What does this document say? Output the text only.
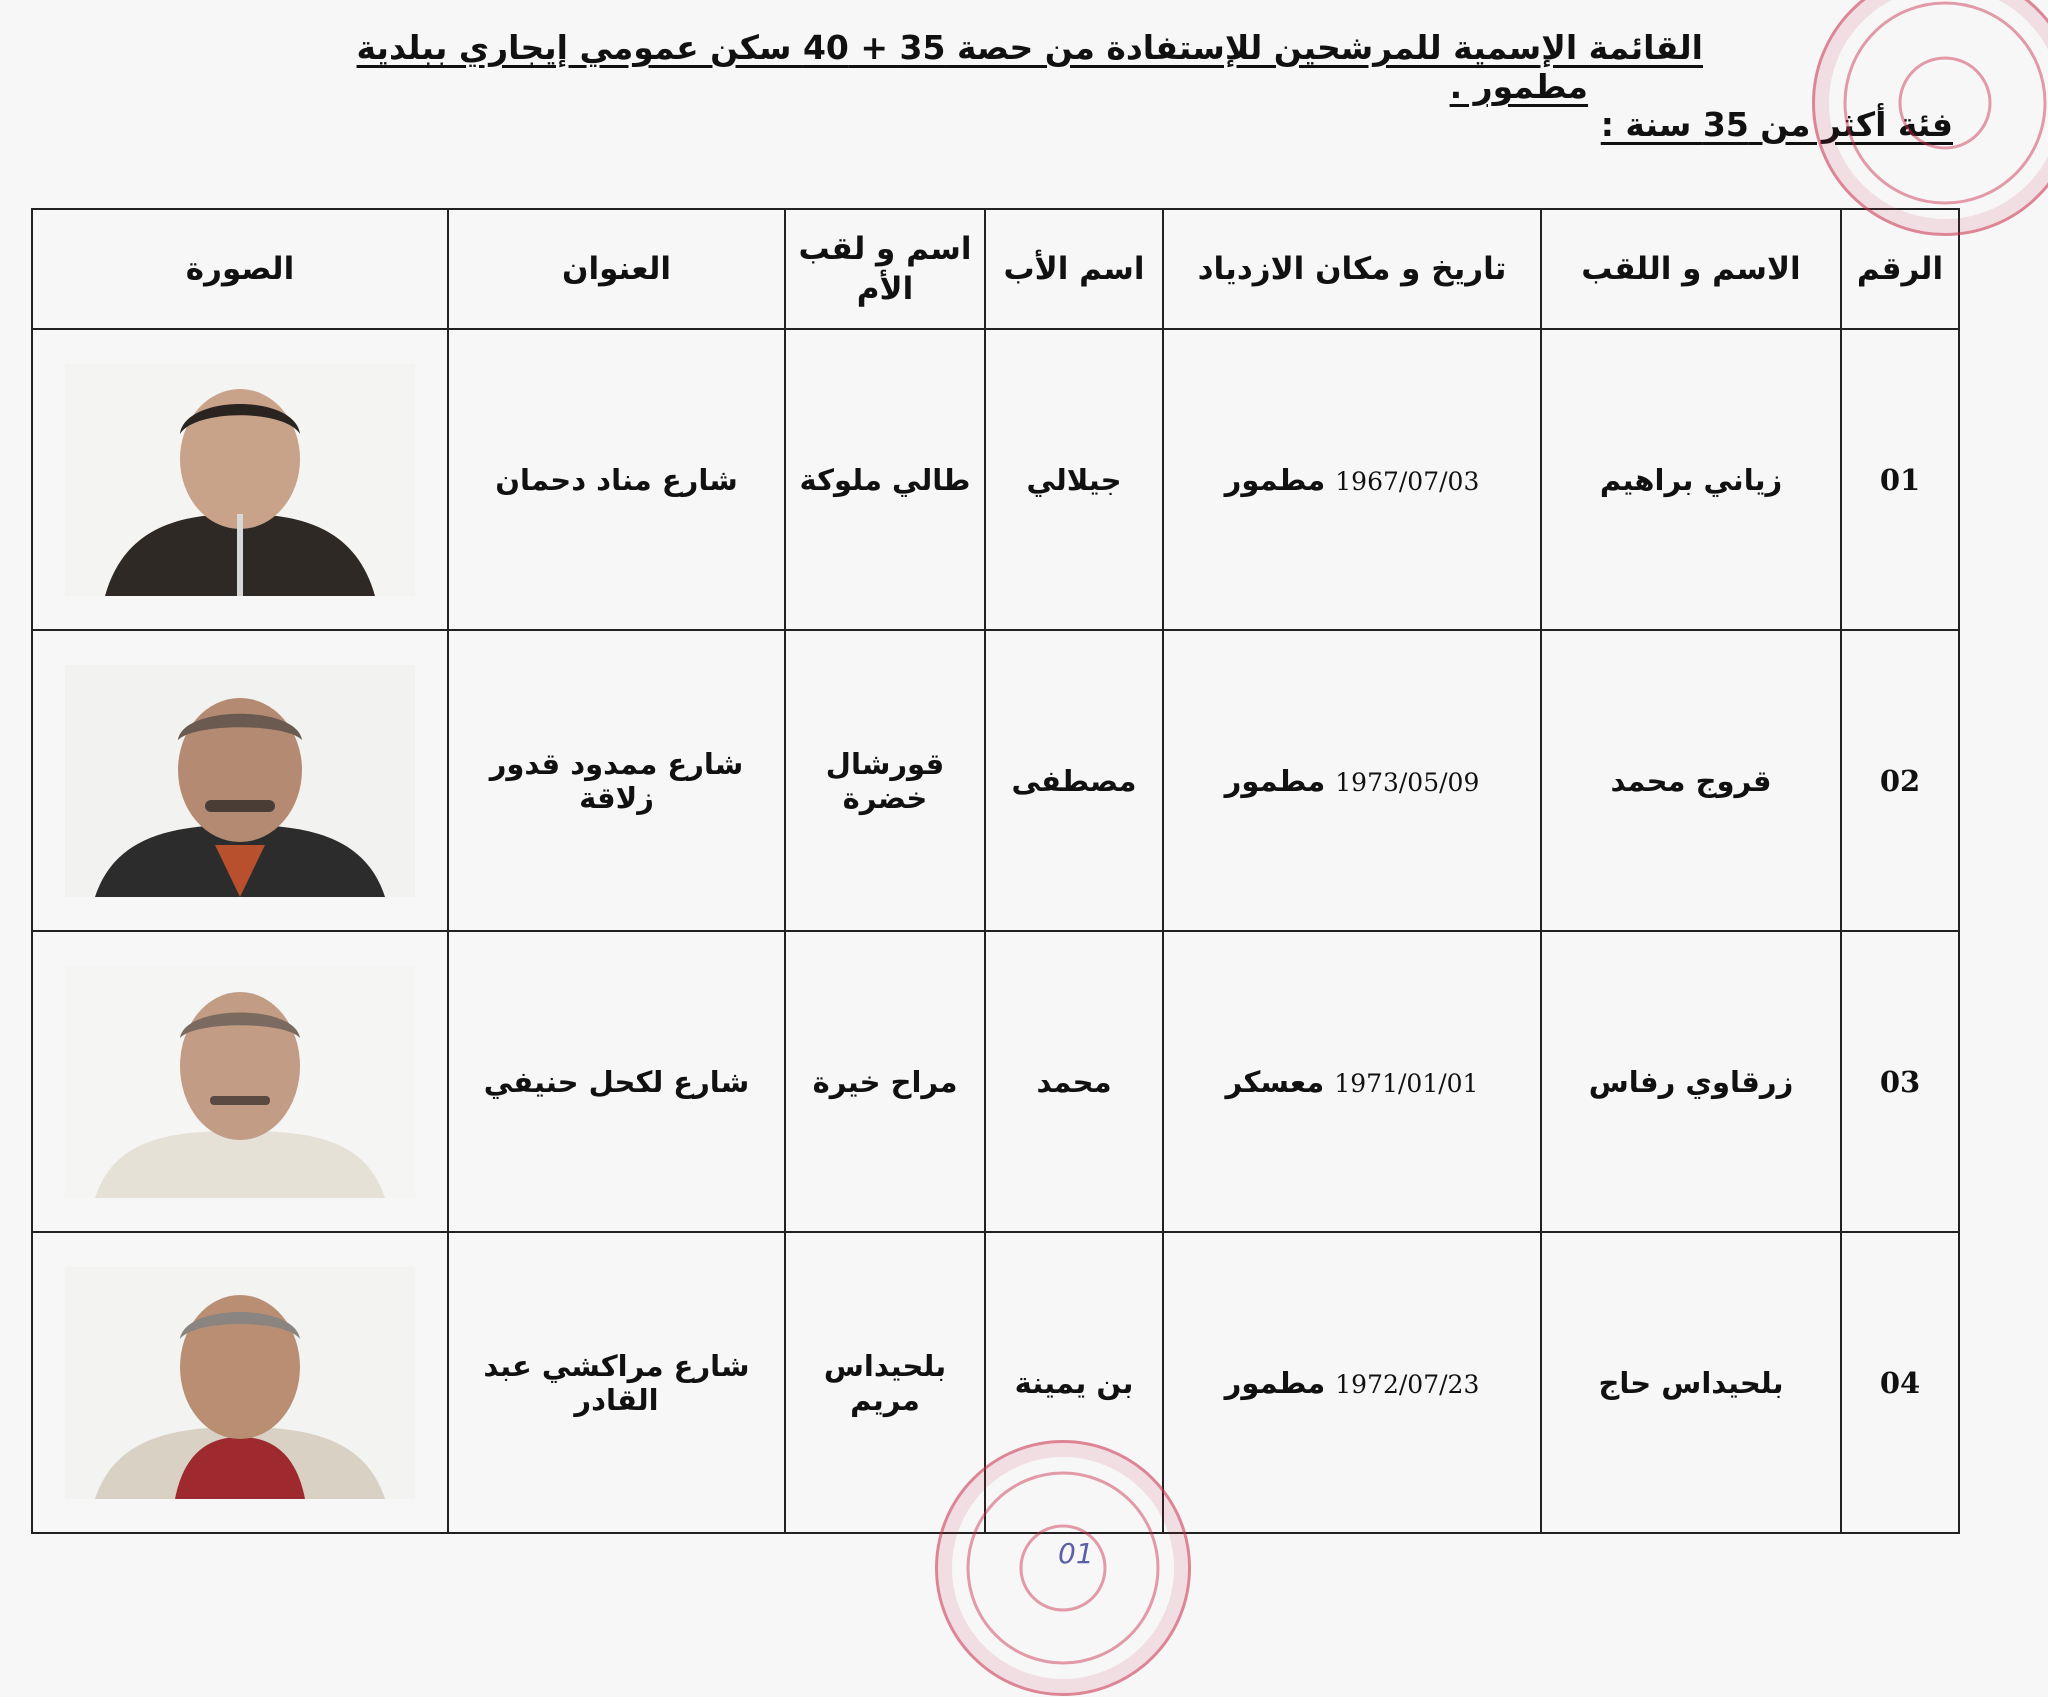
القائمة الإسمية للمرشحين للإستفادة من حصة 35 + 40 سكن عمومي إيجاري ببلدية
مطمور .
فئة أكثر من 35 سنة :
الرقم	الاسم و اللقب	تاريخ و مكان الازدياد	اسم الأب	اسم و لقب الأم	العنوان	الصورة
01	زياني براهيم	1967/07/03 مطمور	جيلالي	طالي ملوكة	شارع مناد دحمان	

02	قروج محمد	1973/05/09 مطمور	مصطفى	قورشال خضرة	شارع ممدود قدور زلاقة	

03	زرقاوي رفاس	1971/01/01 معسكر	محمد	مراح خيرة	شارع لكحل حنيفي	

04	بلحيداس حاج	1972/07/23 مطمور	بن يمينة	بلحيداس مريم	شارع مراكشي عبد القادر	
01
